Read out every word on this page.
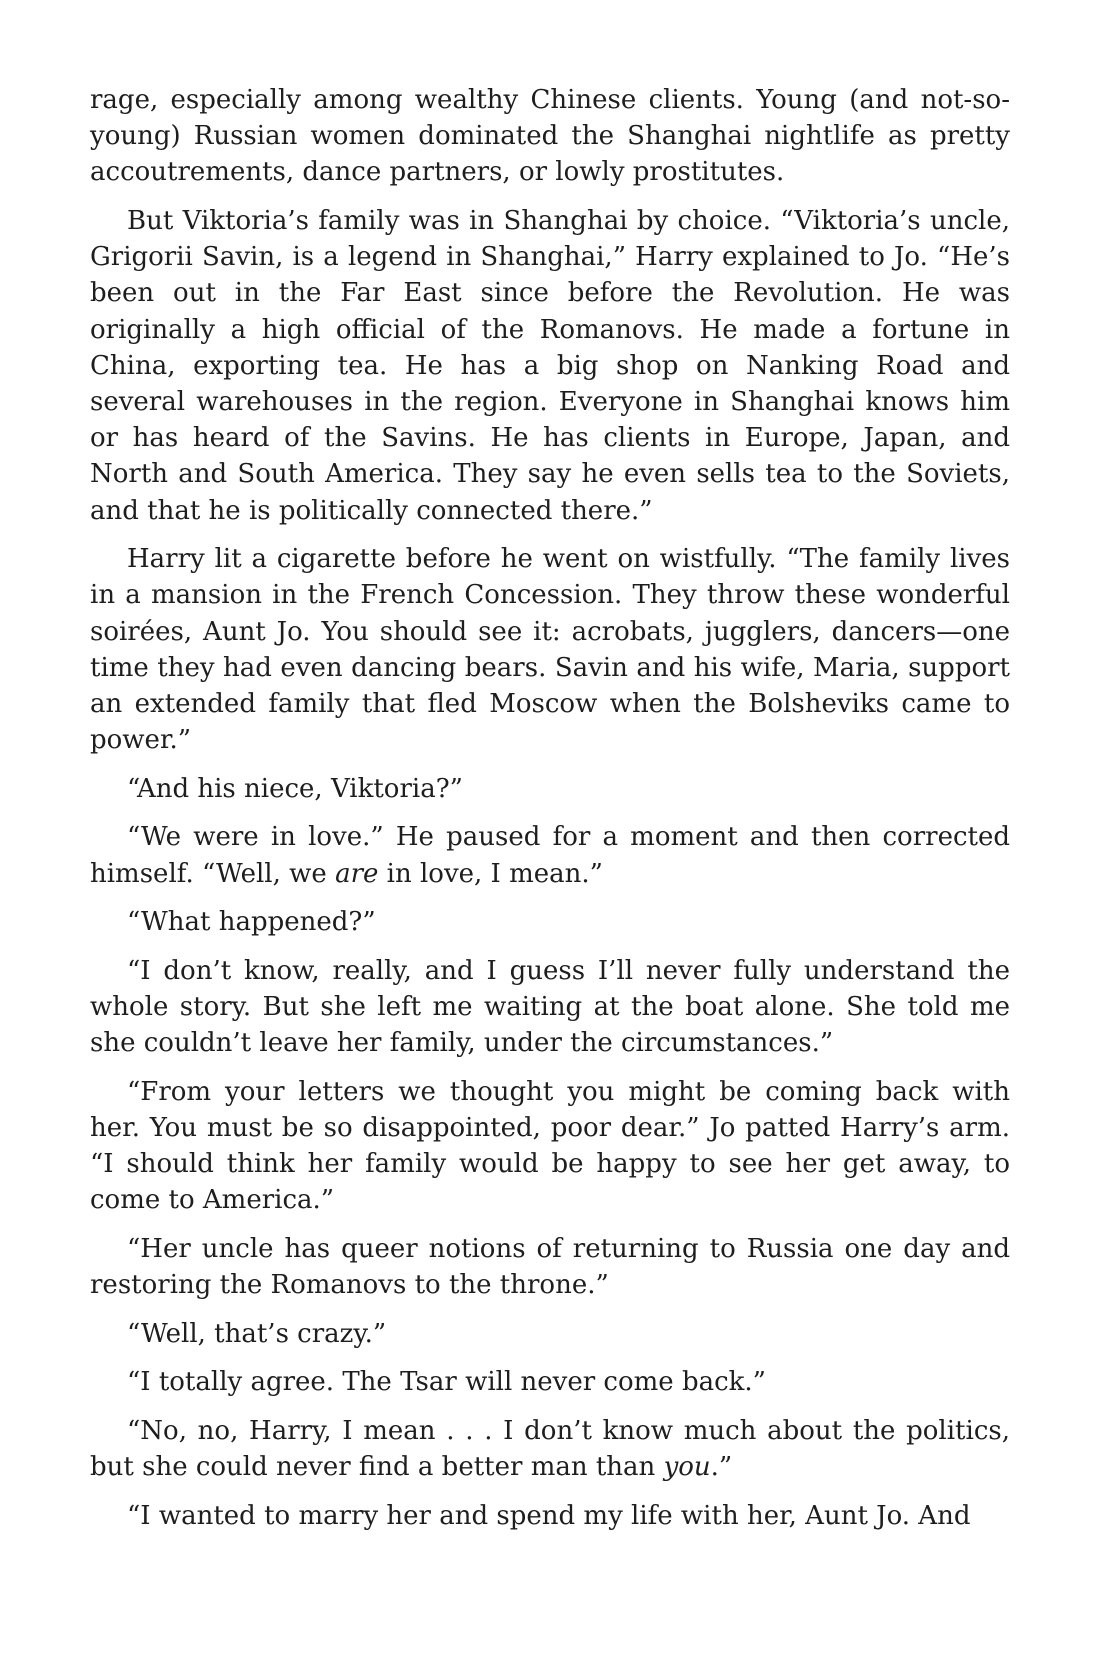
rage, especially among wealthy Chinese clients. Young (and not-so-young) Russian women dominated the Shanghai nightlife as pretty accoutrements, dance partners, or lowly prostitutes.

But Viktoria’s family was in Shanghai by choice. “Viktoria’s uncle, Grigorii Savin, is a legend in Shanghai,” Harry explained to Jo. “He’s been out in the Far East since before the Revolution. He was originally a high official of the Romanovs. He made a fortune in China, exporting tea. He has a big shop on Nanking Road and several warehouses in the region. Everyone in Shanghai knows him or has heard of the Savins. He has clients in Europe, Japan, and North and South America. They say he even sells tea to the Soviets, and that he is politically connected there.”

Harry lit a cigarette before he went on wistfully. “The family lives in a mansion in the French Concession. They throw these wonderful soirées, Aunt Jo. You should see it: acrobats, jugglers, dancers—one time they had even dancing bears. Savin and his wife, Maria, support an extended family that fled Moscow when the Bolsheviks came to power.”

“And his niece, Viktoria?”

“We were in love.” He paused for a moment and then corrected himself. “Well, we are in love, I mean.”

“What happened?”

“I don’t know, really, and I guess I’ll never fully understand the whole story. But she left me waiting at the boat alone. She told me she couldn’t leave her family, under the circumstances.”

“From your letters we thought you might be coming back with her. You must be so disappointed, poor dear.” Jo patted Harry’s arm. “I should think her family would be happy to see her get away, to come to America.”

“Her uncle has queer notions of returning to Russia one day and restoring the Romanovs to the throne.”

“Well, that’s crazy.”

“I totally agree. The Tsar will never come back.”

“No, no, Harry, I mean . . . I don’t know much about the politics, but she could never find a better man than you.”

“I wanted to marry her and spend my life with her, Aunt Jo. And
